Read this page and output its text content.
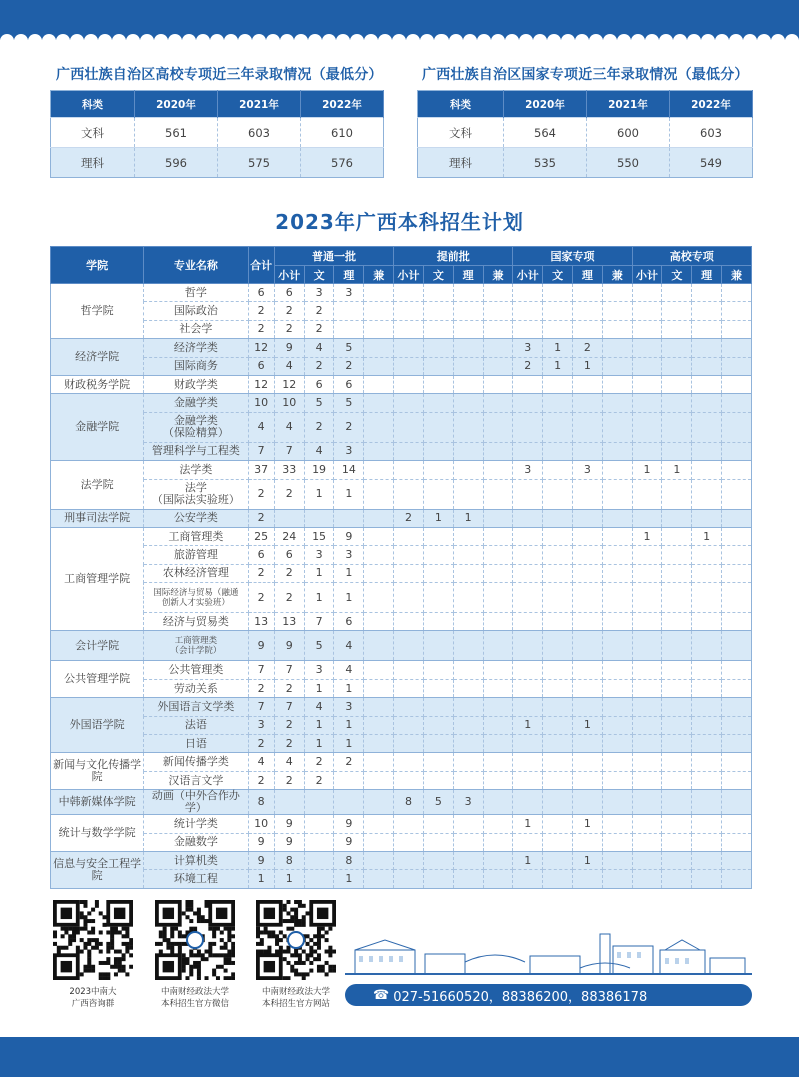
广西壮族自治区高校专项近三年录取情况（最低分）
科类	2020年	2021年	2022年
文科	561	603	610
理科	596	575	576
广西壮族自治区国家专项近三年录取情况（最低分）
科类	2020年	2021年	2022年
文科	564	600	603
理科	535	550	549
2023年广西本科招生计划
学院	专业名称	合计	普通一批				提前批				国家专项				高校专项			
			小计	文	理	兼	小计	文	理	兼	小计	文	理	兼	小计	文	理	兼
哲学院	哲学	6	6	3	3													
	国际政治	2	2	2														
	社会学	2	2	2														
经济学院	经济学类	12	9	4	5						3	1	2					
	国际商务	6	4	2	2						2	1	1					
财政税务学院	财政学类	12	12	6	6													
金融学院	金融学类	10	10	5	5													
	金融学类
（保险精算）	4	4	2	2													
	管理科学与工程类	7	7	4	3													
法学院	法学类	37	33	19	14						3		3		1	1		
	法学
（国际法实验班）	2	2	1	1													
刑事司法学院	公安学类	2					2	1	1									
工商管理学院	工商管理类	25	24	15	9										1		1	
	旅游管理	6	6	3	3													
	农林经济管理	2	2	1	1													
	国际经济与贸易（融通
创新人才实验班）	2	2	1	1													
	经济与贸易类	13	13	7	6													
会计学院	工商管理类
（会计学院）	9	9	5	4													
公共管理学院	公共管理类	7	7	3	4													
	劳动关系	2	2	1	1													
外国语学院	外国语言文学类	7	7	4	3													
	法语	3	2	1	1						1		1					
	日语	2	2	1	1													
新闻与文化传播学院	新闻传播学类	4	4	2	2													
	汉语言文学	2	2	2														
中韩新媒体学院	动画（中外合作办学）	8					8	5	3									
统计与数学学院	统计学类	10	9		9						1		1					
	金融数学	9	9		9													
信息与安全工程学院	计算机类	9	8		8						1		1					
	环境工程	1	1		1													
2023中南大
广西咨询群
中南财经政法大学
本科招生官方微信
中南财经政法大学
本科招生官方网站
☎ 027-51660520，88386200，88386178
